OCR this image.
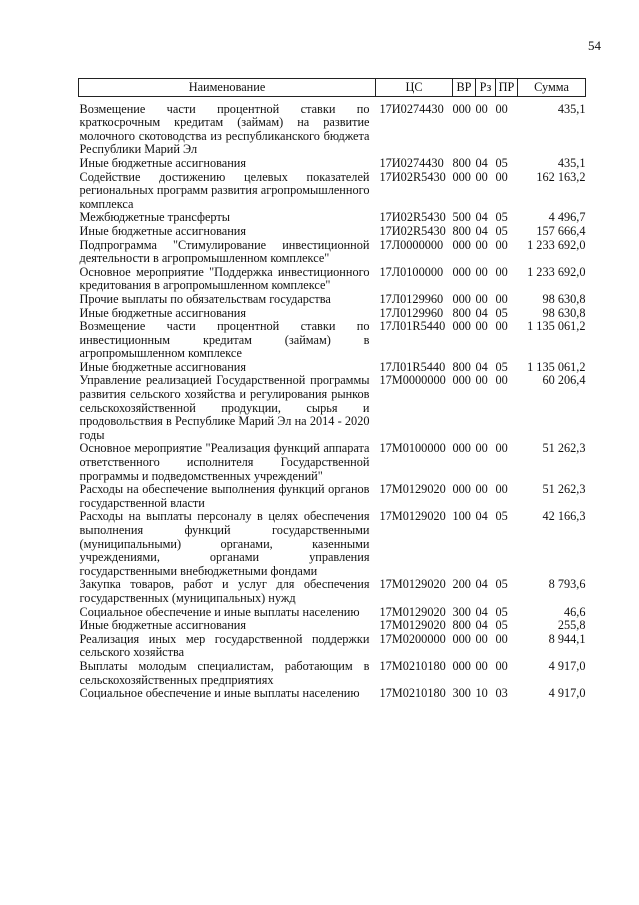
54
Наименование	ЦС	ВР	Рз	ПР	Сумма

Возмещение части процентной ставки по краткосрочным кредитам (займам) на развитие молочного скотоводства из республиканского бюджета Республики Марий Эл	17И0274430	000	00	00	435,1
Иные бюджетные ассигнования	17И0274430	800	04	05	435,1
Содействие достижению целевых показателей региональных программ развития агропромышленного комплекса	17И02R5430	000	00	00	162 163,2
Межбюджетные трансферты	17И02R5430	500	04	05	4 496,7
Иные бюджетные ассигнования	17И02R5430	800	04	05	157 666,4
Подпрограмма "Стимулирование инвестиционной деятельности в агропромышленном комплексе"	17Л0000000	000	00	00	1 233 692,0
Основное мероприятие "Поддержка инвестиционного кредитования в агропромышленном комплексе"	17Л0100000	000	00	00	1 233 692,0
Прочие выплаты по обязательствам государства	17Л0129960	000	00	00	98 630,8
Иные бюджетные ассигнования	17Л0129960	800	04	05	98 630,8
Возмещение части процентной ставки по инвестиционным кредитам (займам) в агропромышленном комплексе	17Л01R5440	000	00	00	1 135 061,2
Иные бюджетные ассигнования	17Л01R5440	800	04	05	1 135 061,2
Управление реализацией Государственной программы развития сельского хозяйства и регулирования рынков сельскохозяйственной продукции, сырья и продовольствия в Республике Марий Эл на 2014 - 2020 годы	17М0000000	000	00	00	60 206,4
Основное мероприятие "Реализация функций аппарата ответственного исполнителя Государственной программы и подведомственных учреждений"	17М0100000	000	00	00	51 262,3
Расходы на обеспечение выполнения функций органов государственной власти	17М0129020	000	00	00	51 262,3
Расходы на выплаты персоналу в целях обеспечения выполнения функций государственными (муниципальными) органами, казенными учреждениями, органами управления государственными внебюджетными фондами	17М0129020	100	04	05	42 166,3
Закупка товаров, работ и услуг для обеспечения государственных (муниципальных) нужд	17М0129020	200	04	05	8 793,6
Социальное обеспечение и иные выплаты населению	17М0129020	300	04	05	46,6
Иные бюджетные ассигнования	17М0129020	800	04	05	255,8
Реализация иных мер государственной поддержки сельского хозяйства	17М0200000	000	00	00	8 944,1
Выплаты молодым специалистам, работающим в сельскохозяйственных предприятиях	17М0210180	000	00	00	4 917,0
Социальное обеспечение и иные выплаты населению	17М0210180	300	10	03	4 917,0
